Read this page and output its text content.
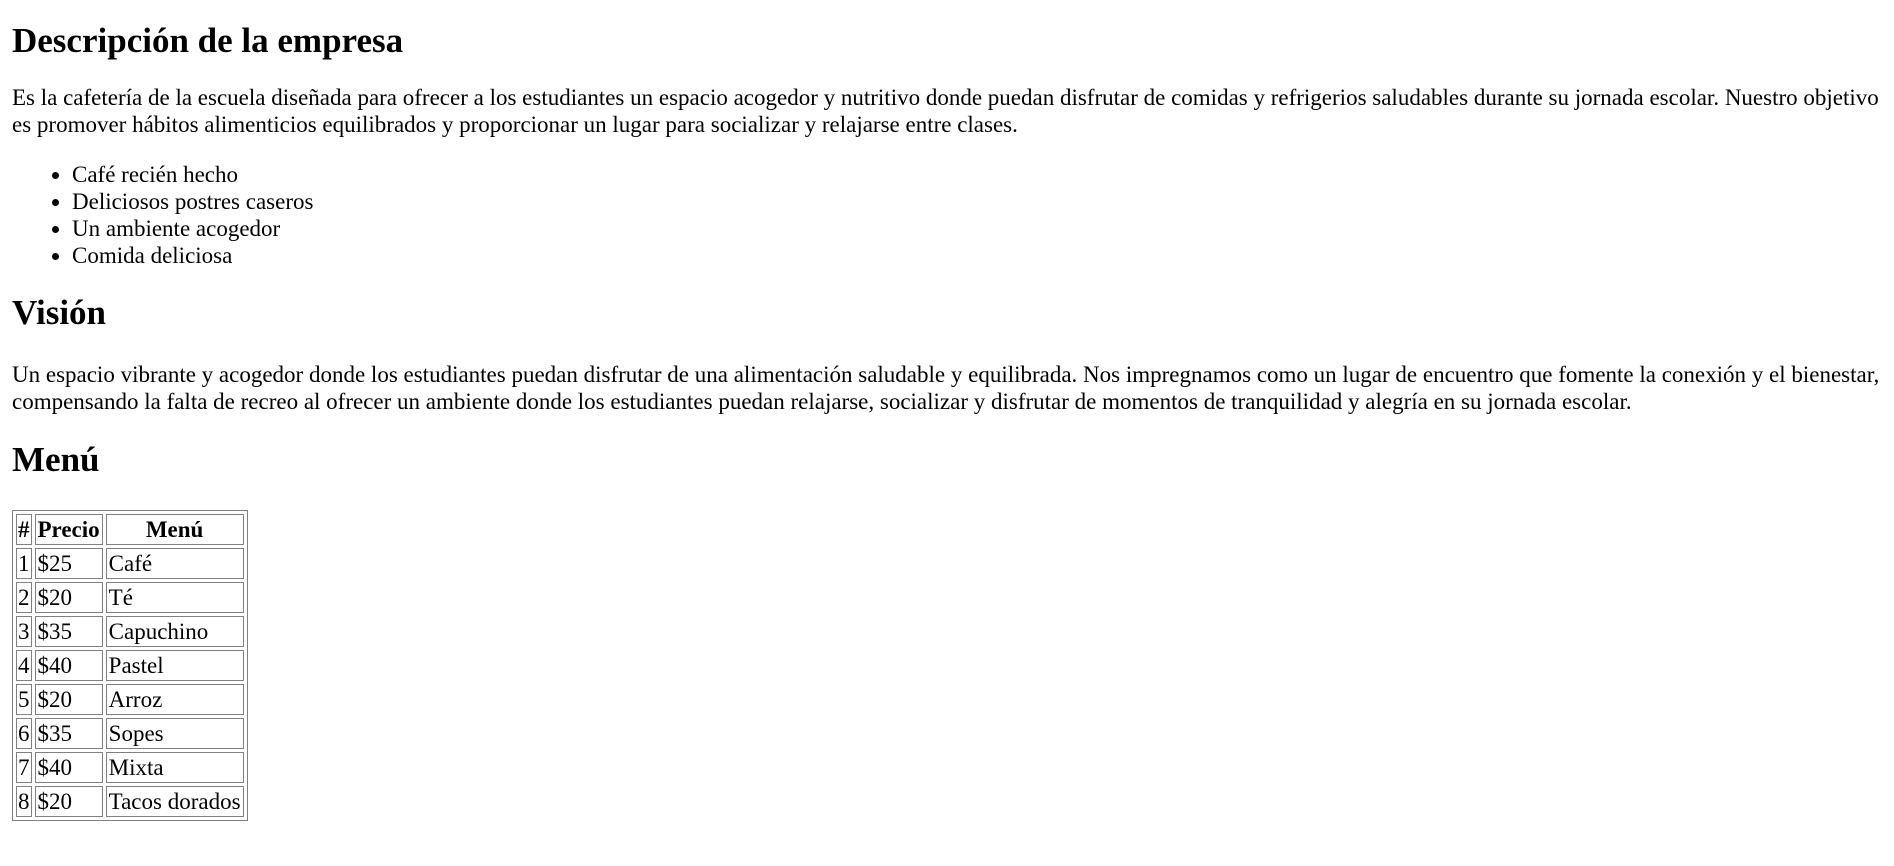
Descripción de la empresa

Es la cafetería de la escuela diseñada para ofrecer a los estudiantes un espacio acogedor y nutritivo donde puedan disfrutar de comidas y refrigerios saludables durante su jornada escolar. Nuestro objetivo es promover hábitos alimenticios equilibrados y proporcionar un lugar para socializar y relajarse entre clases.

• Café recién hecho
• Deliciosos postres caseros
• Un ambiente acogedor
• Comida deliciosa
Visión

Un espacio vibrante y acogedor donde los estudiantes puedan disfrutar de una alimentación saludable y equilibrada. Nos impregnamos como un lugar de encuentro que fomente la conexión y el bienestar, compensando la falta de recreo al ofrecer un ambiente donde los estudiantes puedan relajarse, socializar y disfrutar de momentos de tranquilidad y alegría en su jornada escolar.

Menú
#	Precio	Menú
1	$25	Café
2	$20	Té
3	$35	Capuchino
4	$40	Pastel
5	$20	Arroz
6	$35	Sopes
7	$40	Mixta
8	$20	Tacos dorados
